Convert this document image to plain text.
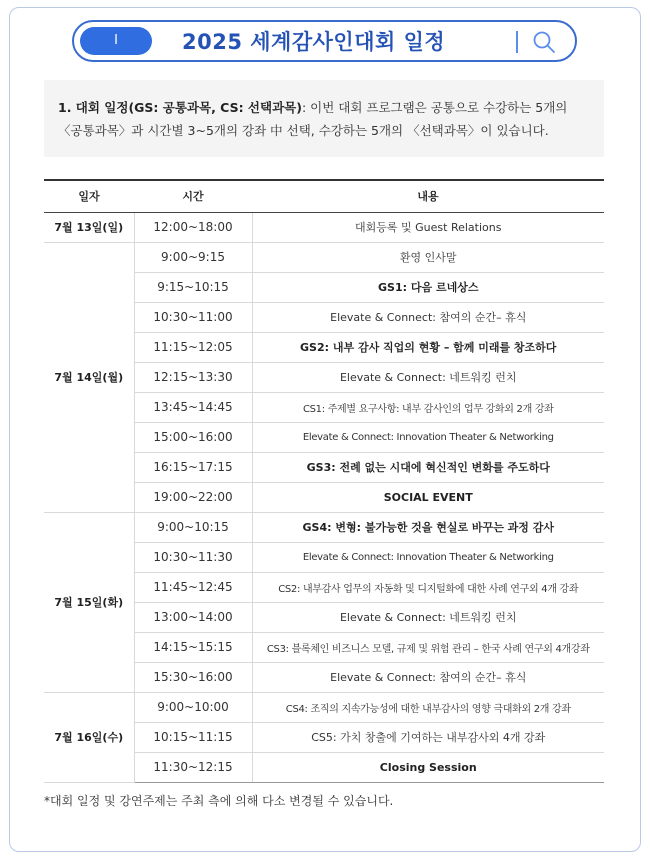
I	2025 세계감사인대회 일정
1. 대회 일정(GS: 공통과목, CS: 선택과목): 이번 대회 프로그램은 공통으로 수강하는 5개의 〈공통과목〉과 시간별 3~5개의 강좌 中 선택, 수강하는 5개의 〈선택과목〉이 있습니다.
일자	시간	내용
7월 13일(일)	12:00~18:00	대회등록 및 Guest Relations
7월 14일(월)	9:00~9:15	환영 인사말
	9:15~10:15	GS1: 다음 르네상스
	10:30~11:00	Elevate & Connect: 참여의 순간– 휴식
	11:15~12:05	GS2: 내부 감사 직업의 현황 – 함께 미래를 창조하다
	12:15~13:30	Elevate & Connect: 네트워킹 런치
	13:45~14:45	CS1: 주제별 요구사항: 내부 감사인의 업무 강화외 2개 강좌
	15:00~16:00	Elevate & Connect: Innovation Theater & Networking
	16:15~17:15	GS3: 전례 없는 시대에 혁신적인 변화를 주도하다
	19:00~22:00	SOCIAL EVENT
7월 15일(화)	9:00~10:15	GS4: 변형: 불가능한 것을 현실로 바꾸는 과정 감사
	10:30~11:30	Elevate & Connect: Innovation Theater & Networking
	11:45~12:45	CS2: 내부감사 업무의 자동화 및 디지털화에 대한 사례 연구외 4개 강좌
	13:00~14:00	Elevate & Connect: 네트워킹 런치
	14:15~15:15	CS3: 블록체인 비즈니스 모델, 규제 및 위험 관리 – 한국 사례 연구외 4개강좌
	15:30~16:00	Elevate & Connect: 참여의 순간– 휴식
7월 16일(수)	9:00~10:00	CS4: 조직의 지속가능성에 대한 내부감사의 영향 극대화외 2개 강좌
	10:15~11:15	CS5: 가치 창출에 기여하는 내부감사외 4개 강좌
	11:30~12:15	Closing Session
*대회 일정 및 강연주제는 주최 측에 의해 다소 변경될 수 있습니다.
